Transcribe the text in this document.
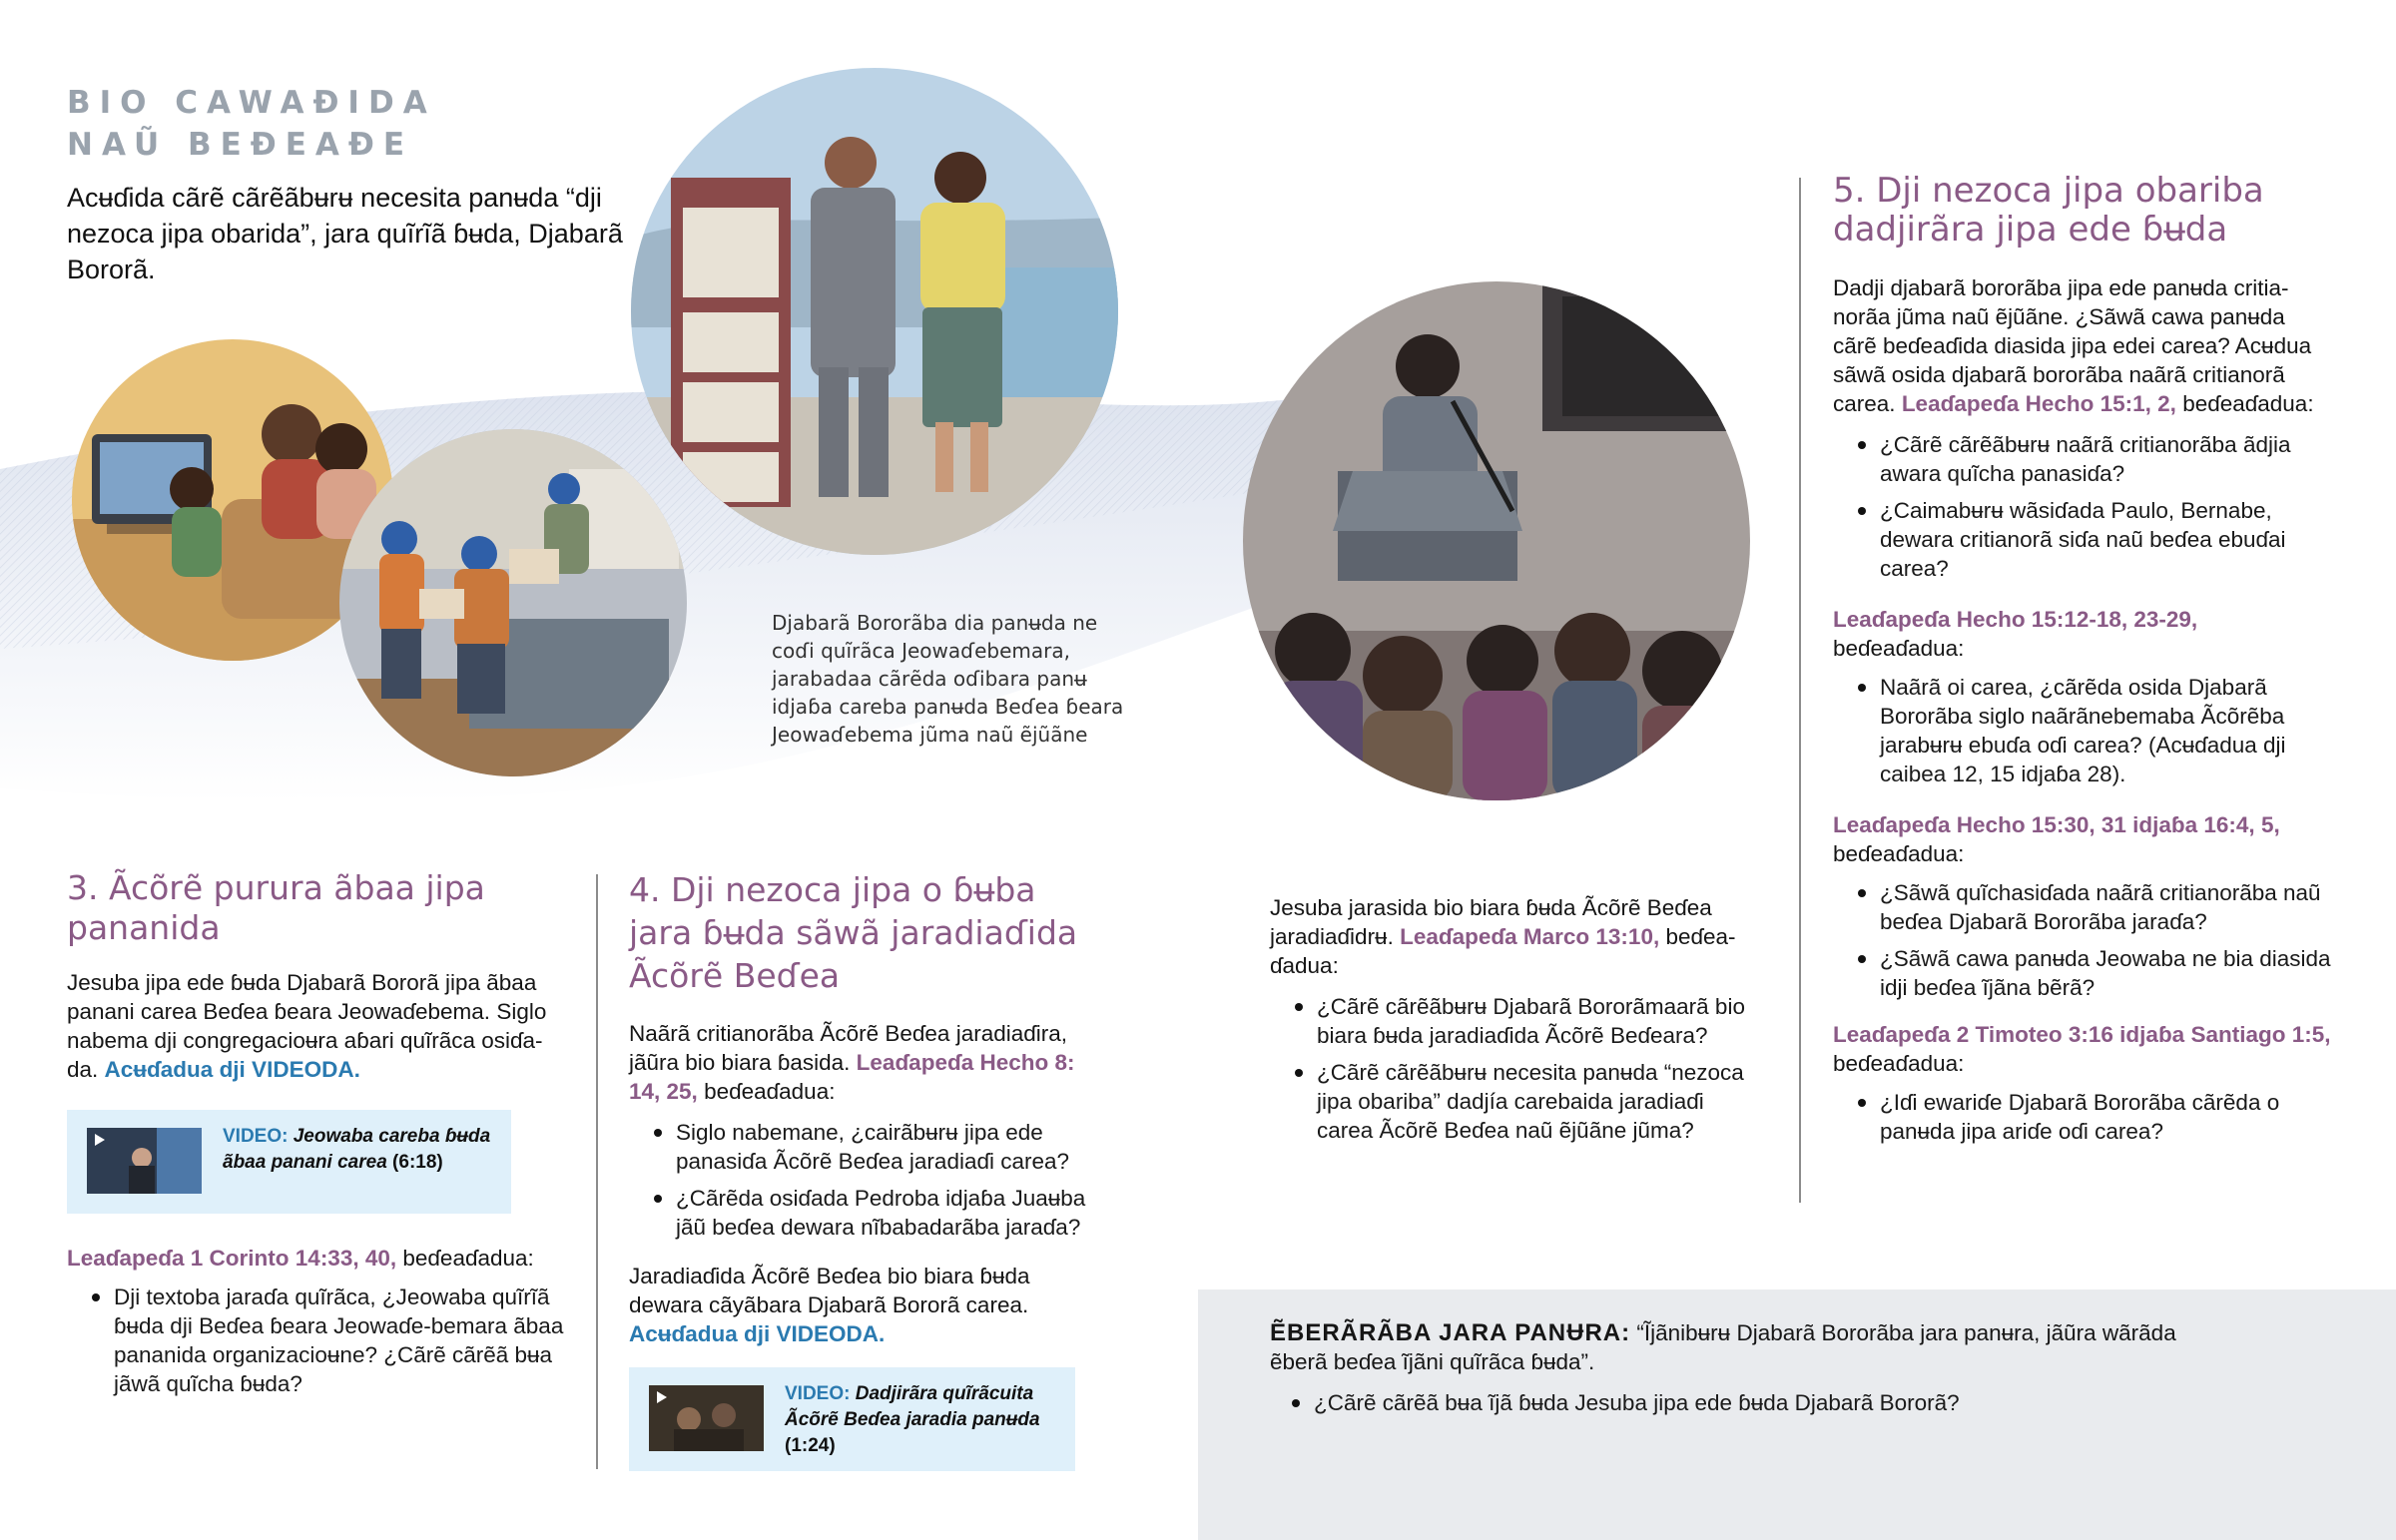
BIO CAWAƉIDA
NAŨ BEƉEAƉE
Acʉɗida cãrẽ cãrẽãbʉrʉ necesita panʉda “dji nezoca jipa obarida”, jara quĩrĩã ɓʉda, Djabarã Bororã.
Djabarã Bororãba dia panʉda ne coɗi quĩrãca Jeowaɗebemara, jarabadaa cãrẽda oɗibara panʉ idjaɓa careba panʉda Beɗea ɓeara Jeowaɗebema jũma naũ ẽjũãne
3. Ãcõrẽ purura ãbaa jipa pananida

Jesuba jipa ede ɓʉda Djabarã Bororã jipa ãbaa panani carea Beɗea ɓeara Jeowaɗebema. Siglo nabema dji congregacioʉra aɓari quĩrãca osiɗa-da. Acʉɗadua dji VIDEODA.

VIDEO: Jeowaba careba ɓʉda ãbaa panani carea (6:18)

Leaɗapeɗa 1 Corinto 14:33, 40, beɗeaɗadua:

Dji textoba jaraɗa quĩrãca, ¿Jeowaba quĩrĩã ɓʉda dji Beɗea ɓeara Jeowaɗe-bemara ãbaa pananida organizacioʉne? ¿Cãrẽ cãrẽã bʉa jãwã quĩcha ɓʉda?
4. Dji nezoca jipa o ɓʉba jara ɓʉda sãwã jaradiaɗida Ãcõrẽ Beɗea

Naãrã critianorãba Ãcõrẽ Beɗea jaradiaɗira, jãũra bio biara ɓasida. Leaɗapeɗa Hecho 8: 14, 25, beɗeaɗadua:

Siglo nabemane, ¿cairãbʉrʉ jipa ede panasiɗa Ãcõrẽ Beɗea jaradiaɗi carea?
¿Cãrẽda osiɗada Pedroba idjaɓa Juaʉba jãũ beɗea dewara nĩbabadarãba jaraɗa?

Jaradiaɗida Ãcõrẽ Beɗea bio biara ɓʉda dewara cãyãbara Djabarã Bororã carea. Acʉɗadua dji VIDEODA.

VIDEO: Dadjirãra quĩrãcuita Ãcõrẽ Beɗea jaradia panʉda (1:24)

Jesuba jarasida bio biara ɓʉda Ãcõrẽ Beɗea jaradiaɗidrʉ. Leaɗapeɗa Marco 13:10, beɗea-ɗadua:

¿Cãrẽ cãrẽãbʉrʉ Djabarã Bororãmaarã bio biara ɓʉda jaradiaɗida Ãcõrẽ Beɗeara?
¿Cãrẽ cãrẽãbʉrʉ necesita panʉda “nezoca jipa obariba” dadjía carebaida jaradiaɗi carea Ãcõrẽ Beɗea naũ ẽjũãne jũma?
5. Dji nezoca jipa obariba dadjirãra jipa ede ɓʉda

Dadji djabarã bororãba jipa ede panʉda critia-norãa jũma naũ ẽjũãne. ¿Sãwã cawa panʉda cãrẽ beɗeaɗida diasida jipa edei carea? Acʉdua sãwã osida djabarã bororãba naãrã critianorã carea. Leaɗapeɗa Hecho 15:1, 2, beɗeaɗadua:

¿Cãrẽ cãrẽãbʉrʉ naãrã critianorãba ãdjia awara quĩcha panasiɗa?
¿Caimabʉrʉ wãsiɗada Paulo, Bernabe, dewara critianorã siɗa naũ beɗea ebuɗai carea?

Leaɗapeɗa Hecho 15:12-18, 23-29,
beɗeaɗadua:

Naãrã oi carea, ¿cãrẽda osida Djabarã Bororãba siglo naãrãnebemaba Ãcõrẽba jarabʉrʉ ebuɗa oɗi carea? (Acʉɗadua dji caibea 12, 15 idjaɓa 28).

Leaɗapeɗa Hecho 15:30, 31 idjaɓa 16:4, 5,
beɗeaɗadua:

¿Sãwã quĩchasiɗada naãrã critianorãba naũ beɗea Djabarã Bororãba jaraɗa?
¿Sãwã cawa panʉda Jeowaba ne bia diasida idji beɗea ĩjãna bẽrã?

Leaɗapeɗa 2 Timoteo 3:16 idjaɓa Santiago 1:5, beɗeaɗadua:

¿Iɗi ewariɗe Djabarã Bororãba cãrẽda o panʉda jipa ariɗe oɗi carea?

ẼBERÃRÃBA JARA PANɄRA: “Ĩjãnibʉrʉ Djabarã Bororãba jara panʉra, jãũra wãrãda ẽberã beɗea ĩjãni quĩrãca ɓʉda”.

¿Cãrẽ cãrẽã bʉa ĩjã ɓʉda Jesuba jipa ede ɓʉda Djabarã Bororã?
